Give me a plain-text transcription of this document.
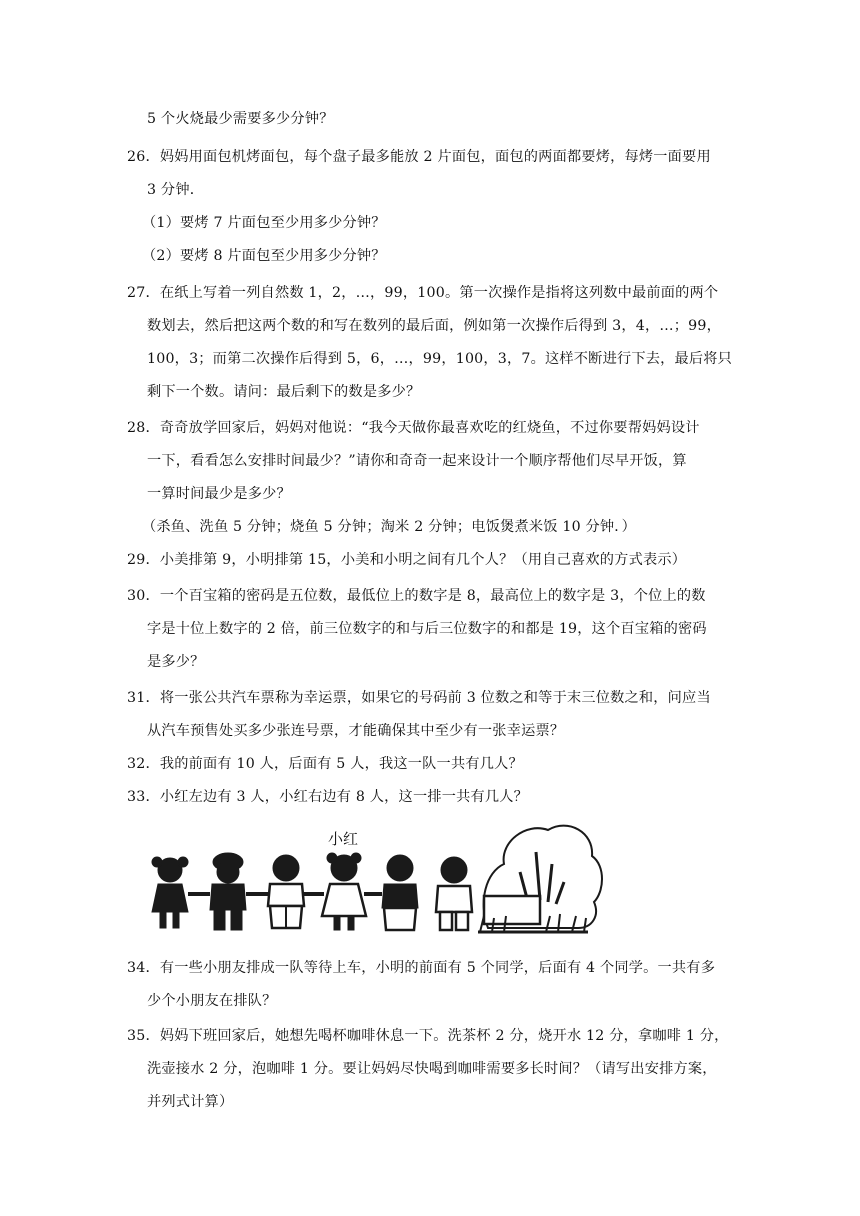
5 个火烧最少需要多少分钟？
26．妈妈用面包机烤面包，每个盘子最多能放 2 片面包，面包的两面都要烤，每烤一面要用
3 分钟．
（1）要烤 7 片面包至少用多少分钟？
（2）要烤 8 片面包至少用多少分钟？
27．在纸上写着一列自然数 1，2，…，99，100。第一次操作是指将这列数中最前面的两个
数划去，然后把这两个数的和写在数列的最后面，例如第一次操作后得到 3，4，…；99，
100，3；而第二次操作后得到 5，6，…，99，100，3，7。这样不断进行下去，最后将只
剩下一个数。请问：最后剩下的数是多少？
28．奇奇放学回家后，妈妈对他说：“我今天做你最喜欢吃的红烧鱼，不过你要帮妈妈设计
一下，看看怎么安排时间最少？”请你和奇奇一起来设计一个顺序帮他们尽早开饭，算
一算时间最少是多少？
（杀鱼、洗鱼 5 分钟；烧鱼 5 分钟；淘米 2 分钟；电饭煲煮米饭 10 分钟．）
29．小美排第 9，小明排第 15，小美和小明之间有几个人？（用自己喜欢的方式表示）
30．一个百宝箱的密码是五位数，最低位上的数字是 8，最高位上的数字是 3，个位上的数
字是十位上数字的 2 倍，前三位数字的和与后三位数字的和都是 19，这个百宝箱的密码
是多少？
31．将一张公共汽车票称为幸运票，如果它的号码前 3 位数之和等于末三位数之和，问应当
从汽车预售处买多少张连号票，才能确保其中至少有一张幸运票？
32．我的前面有 10 人，后面有 5 人，我这一队一共有几人？
33．小红左边有 3 人，小红右边有 8 人，这一排一共有几人？
小红
34．有一些小朋友排成一队等待上车，小明的前面有 5 个同学，后面有 4 个同学。一共有多
少个小朋友在排队？
35．妈妈下班回家后，她想先喝杯咖啡休息一下。洗茶杯 2 分，烧开水 12 分，拿咖啡 1 分，
洗壶接水 2 分，泡咖啡 1 分。要让妈妈尽快喝到咖啡需要多长时间？（请写出安排方案，
并列式计算）
